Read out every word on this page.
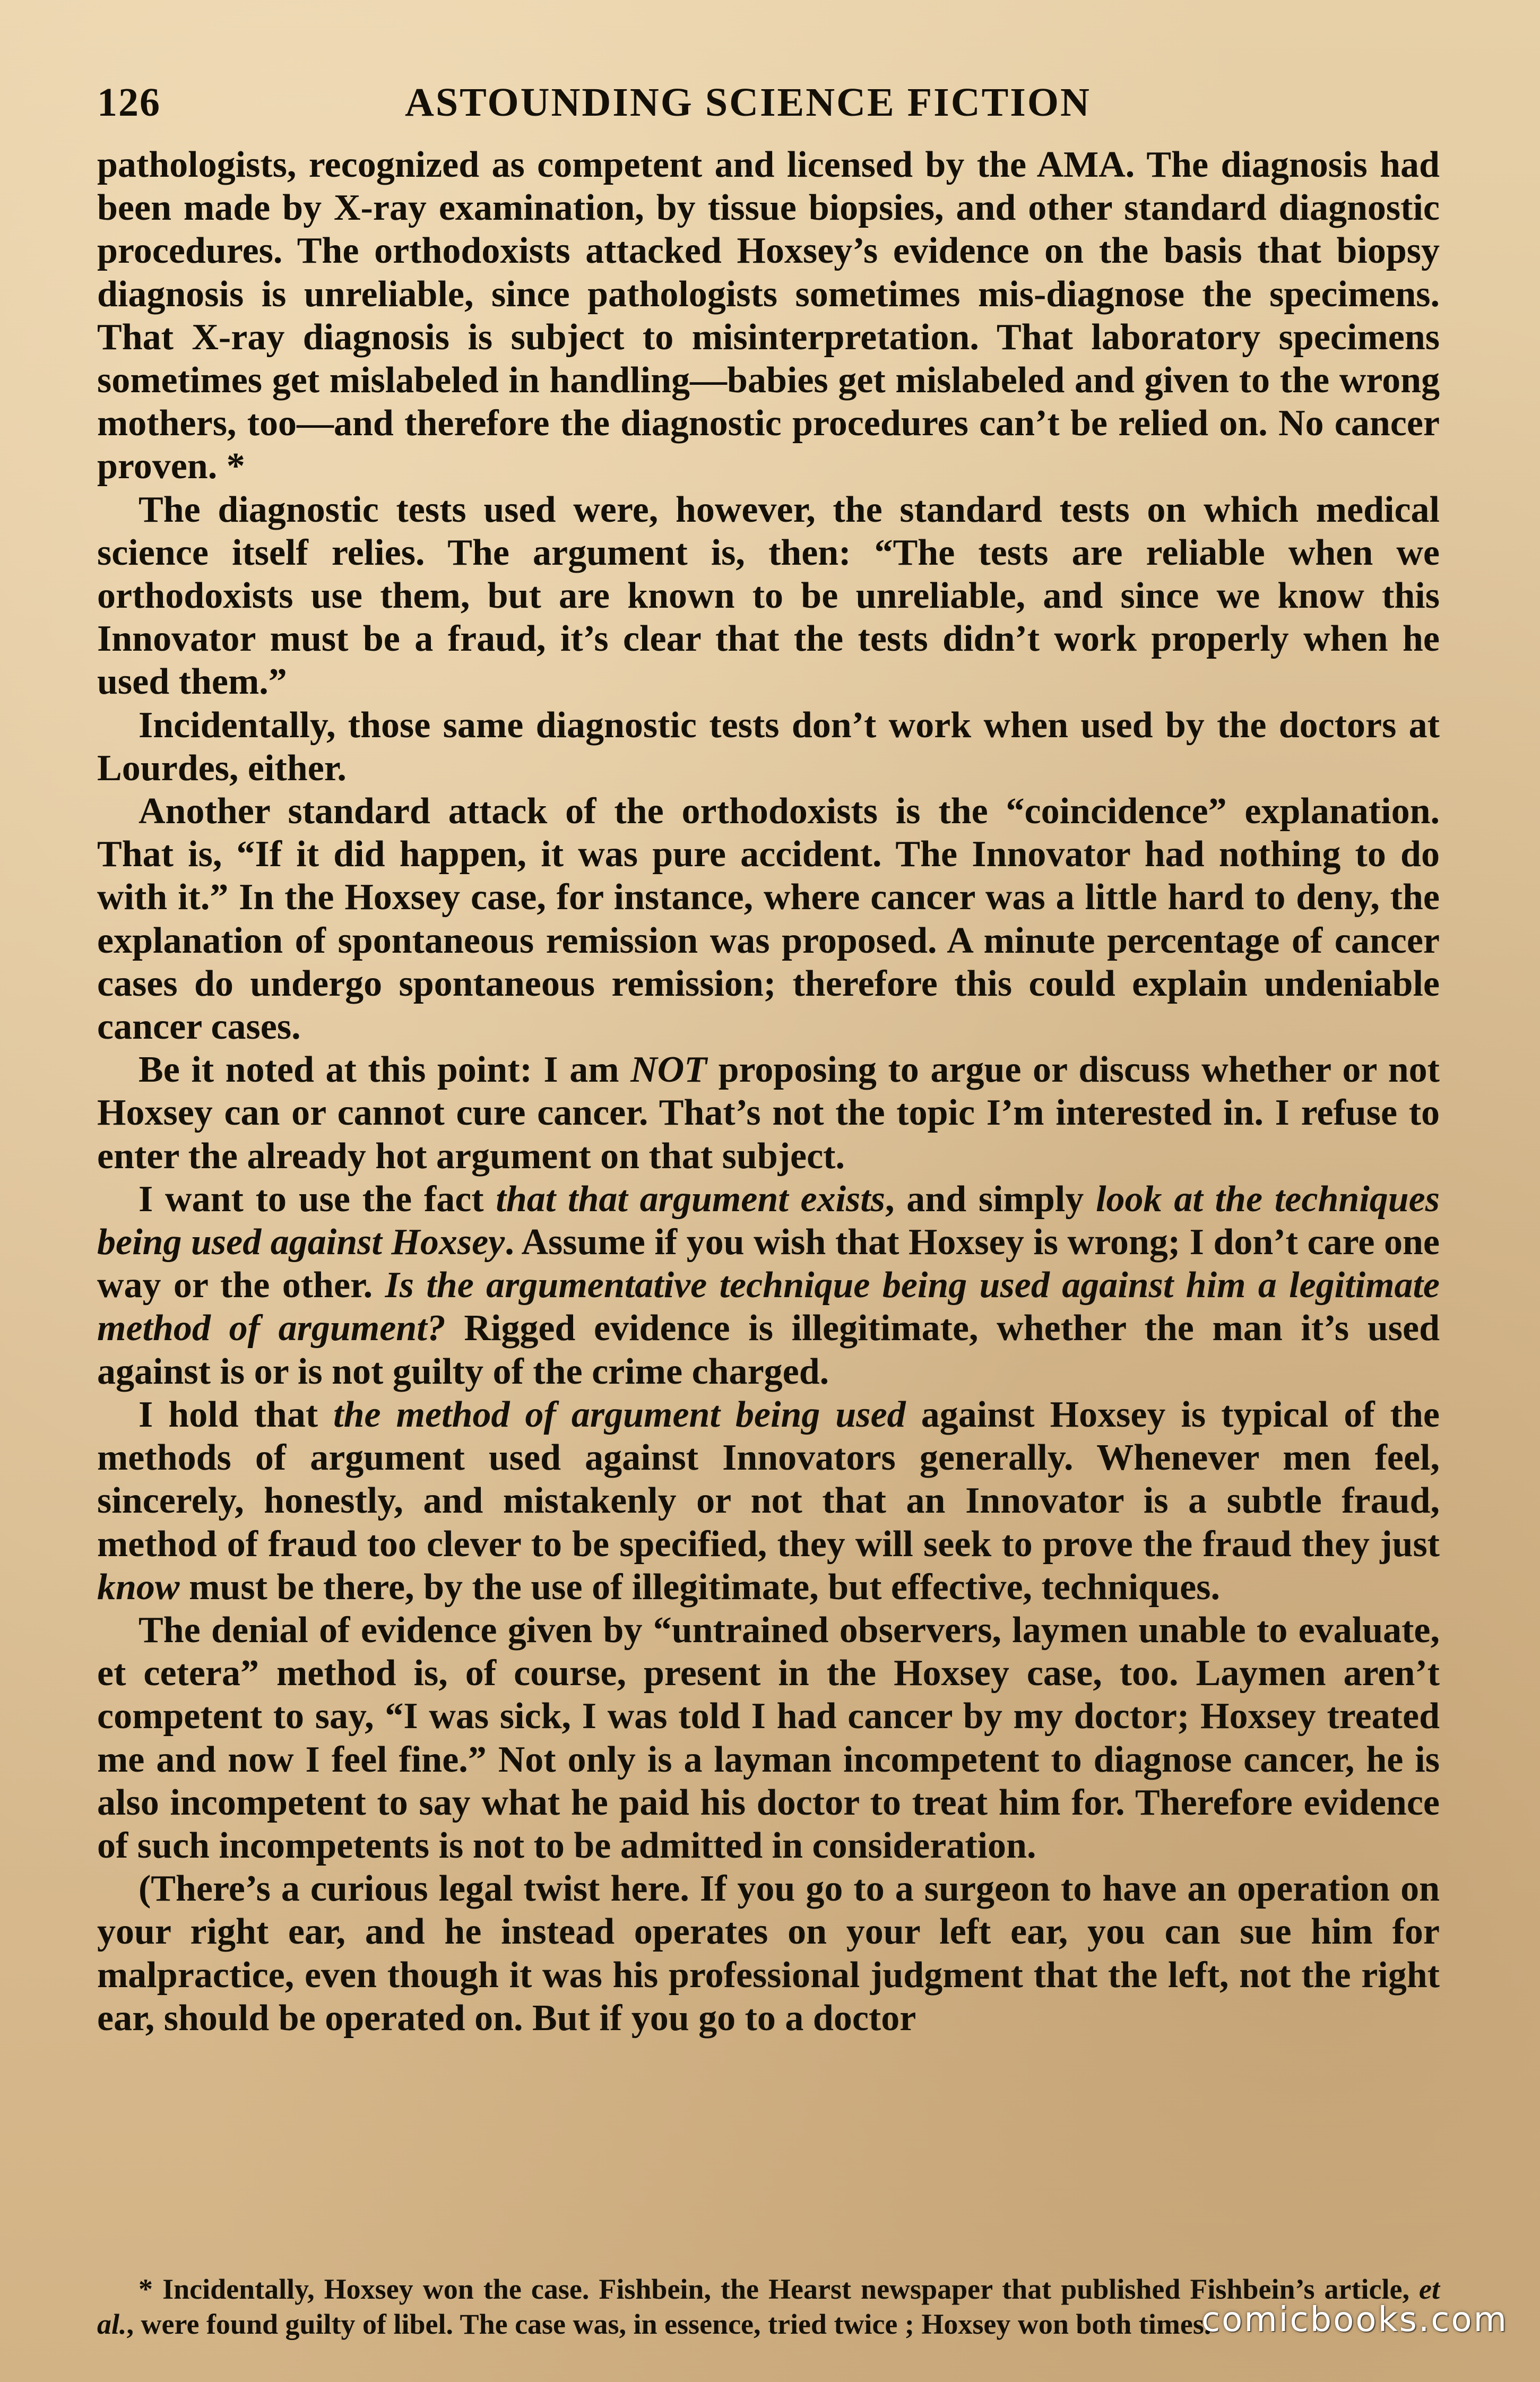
126	ASTOUNDING SCIENCE FICTION

pathologists, recognized as competent and licensed by the AMA. The diagnosis had been made by X-ray examination, by tissue biopsies, and other standard diagnostic procedures. The orthodoxists attacked Hoxsey’s evidence on the basis that biopsy diagnosis is unreliable, since pathologists sometimes mis-diagnose the specimens. That X-ray diagnosis is subject to misinterpretation. That laboratory specimens sometimes get mislabeled in handling—babies get mislabeled and given to the wrong mothers, too—and therefore the diagnostic procedures can’t be relied on. No cancer proven. *

The diagnostic tests used were, however, the standard tests on which medical science itself relies. The argument is, then: “The tests are reliable when we orthodoxists use them, but are known to be unreliable, and since we know this Innovator must be a fraud, it’s clear that the tests didn’t work properly when he used them.”

Incidentally, those same diagnostic tests don’t work when used by the doctors at Lourdes, either.

Another standard attack of the orthodoxists is the “coincidence” explanation. That is, “If it did happen, it was pure accident. The Innovator had nothing to do with it.” In the Hoxsey case, for instance, where cancer was a little hard to deny, the explanation of spontaneous remission was proposed. A minute percentage of cancer cases do undergo spontaneous remission; therefore this could explain undeniable cancer cases.

Be it noted at this point: I am NOT proposing to argue or discuss whether or not Hoxsey can or cannot cure cancer. That’s not the topic I’m interested in. I refuse to enter the already hot argument on that subject.

I want to use the fact that that argument exists, and simply look at the techniques being used against Hoxsey. Assume if you wish that Hoxsey is wrong; I don’t care one way or the other. Is the argumentative technique being used against him a legitimate method of argument? Rigged evidence is illegitimate, whether the man it’s used against is or is not guilty of the crime charged.

I hold that the method of argument being used against Hoxsey is typical of the methods of argument used against Innovators generally. Whenever men feel, sincerely, honestly, and mistakenly or not that an Innovator is a subtle fraud, method of fraud too clever to be specified, they will seek to prove the fraud they just know must be there, by the use of illegitimate, but effective, techniques.

The denial of evidence given by “untrained observers, laymen unable to evaluate, et cetera” method is, of course, present in the Hoxsey case, too. Laymen aren’t competent to say, “I was sick, I was told I had cancer by my doctor; Hoxsey treated me and now I feel fine.” Not only is a layman incompetent to diagnose cancer, he is also incompetent to say what he paid his doctor to treat him for. Therefore evidence of such incompetents is not to be admitted in consideration.

(There’s a curious legal twist here. If you go to a surgeon to have an operation on your right ear, and he instead operates on your left ear, you can sue him for malpractice, even though it was his professional judgment that the left, not the right ear, should be operated on. But if you go to a doctor

* Incidentally, Hoxsey won the case. Fishbein, the Hearst newspaper that published Fishbein’s article, et al., were found guilty of libel. The case was, in essence, tried twice ; Hoxsey won both times.

comicbooks.com
